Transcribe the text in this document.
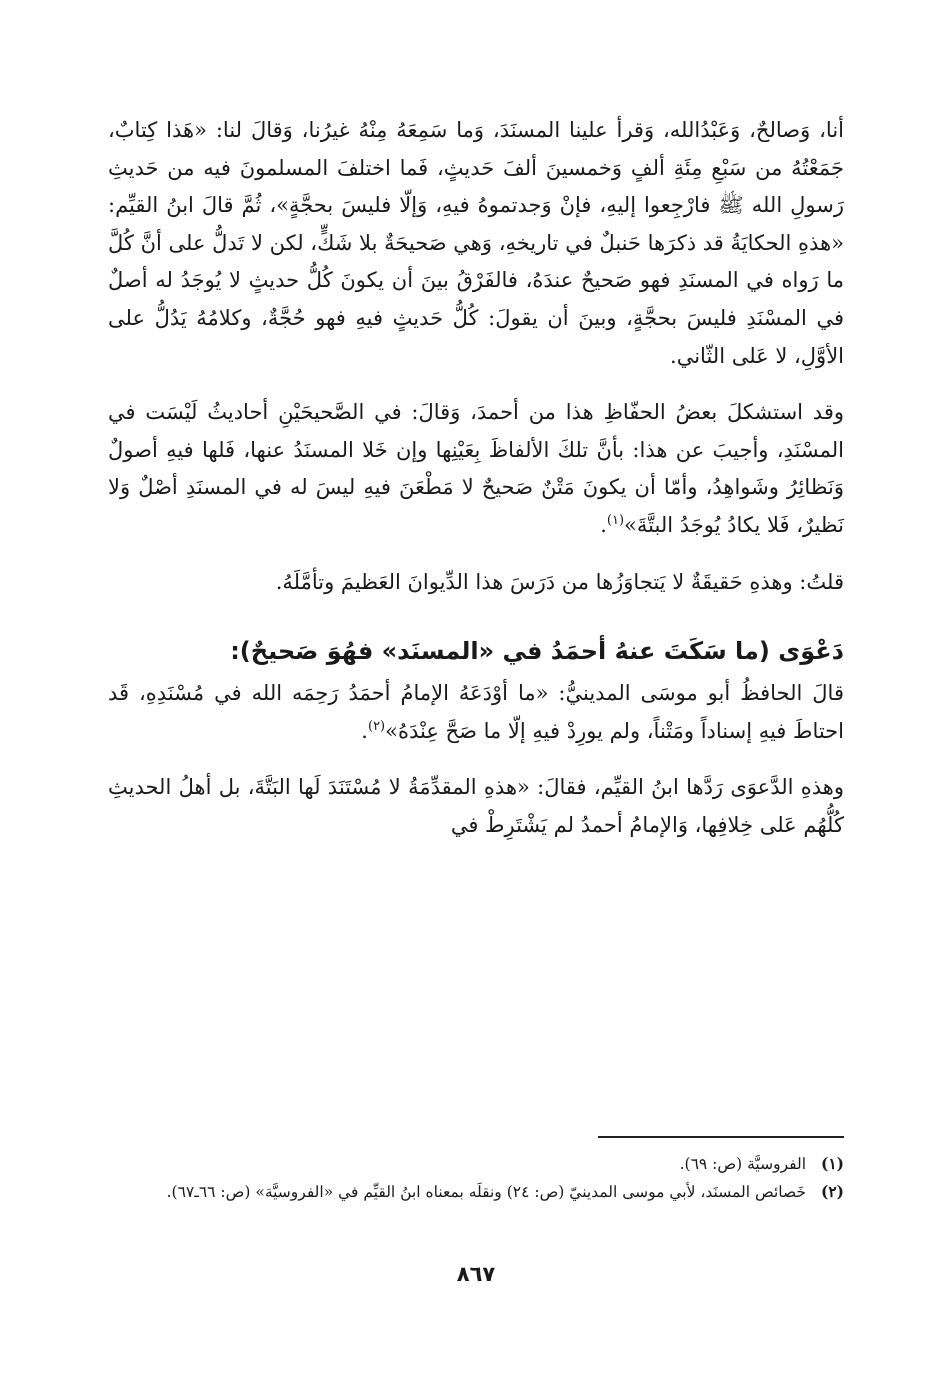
أنا، وَصالحٌ، وَعَبْدُالله، وَقرأ علينا المسنَدَ، وَما سَمِعَهُ مِنْهُ غيرُنا، وَقالَ لنا: «هَذا كِتابٌ، جَمَعْتُهُ من سَبْعِ مِئَةِ ألفٍ وَخمسينَ ألفَ حَديثٍ، فَما اختلفَ المسلمونَ فيه من حَديثِ رَسولِ الله ﷺ فارْجِعوا إليهِ، فإنْ وَجدتموهُ فيهِ، وَإلّا فليسَ بحجَّةٍ»، ثُمَّ قالَ ابنُ القيِّم: «هذهِ الحكايَةُ قد ذكرَها حَنبلٌ في تاريخهِ، وَهي صَحيحَةٌ بلا شَكٍّ، لكن لا تَدلُّ على أنَّ كُلَّ ما رَواه في المسنَدِ فهو صَحيحٌ عندَهُ، فالفَرْقُ بينَ أن يكونَ كُلُّ حديثٍ لا يُوجَدُ له أصلٌ في المسْنَدِ فليسَ بحجَّةٍ، وبينَ أن يقولَ: كُلُّ حَديثٍ فيهِ فهو حُجَّةٌ، وكلامُهُ يَدُلُّ على الأوَّلِ، لا عَلى الثّاني.

وقد استشكلَ بعضُ الحفّاظِ هذا من أحمدَ، وَقالَ: في الصَّحيحَيْنِ أحاديثُ لَيْسَت في المسْنَدِ، وأجيبَ عن هذا: بأنَّ تلكَ الألفاظَ بِعَيْنِها وإن خَلا المسنَدُ عنها، فَلها فيهِ أصولٌ وَنَظائِرُ وشَواهِدُ، وأمّا أن يكونَ مَتْنٌ صَحيحٌ لا مَطْعَنَ فيهِ ليسَ له في المسنَدِ أصْلٌ وَلا نَظيرٌ، فَلا يكادُ يُوجَدُ البتَّةَ»$^{(١)}$.

قلتُ: وهذهِ حَقيقَةٌ لا يَتجاوَزُها من دَرَسَ هذا الدِّيوانَ العَظيمَ وتأمَّلَهُ.

دَعْوَى (ما سَكَتَ عنهُ أحمَدُ في «المسنَد» فهُوَ صَحيحٌ):

قالَ الحافظُ أبو موسَى المدينيُّ: «ما أوْدَعَهُ الإمامُ أحمَدُ رَحِمَه الله في مُسْنَدِهِ، قَد احتاطَ فيهِ إسناداً ومَتْناً، ولم يورِدْ فيهِ إلّا ما صَحَّ عِنْدَهُ»$^{(٢)}$.

وهذهِ الدَّعوَى رَدَّها ابنُ القيِّم، فقالَ: «هذهِ المقدِّمَةُ لا مُسْتَنَدَ لَها البَتَّةَ، بل أهلُ الحديثِ كُلُّهُم عَلى خِلافِها، وَالإمامُ أحمدُ لم يَشْتَرِطْ في

(١)
الفروسيَّة (ص: ٦٩).
(٢)
خَصائص المسنَد، لأبي موسى المدينيّ (ص: ٢٤) ونقلَه بمعناه ابنُ القيِّم في «الفروسيَّة» (ص: ٦٦ـ٦٧).
٨٦٧
